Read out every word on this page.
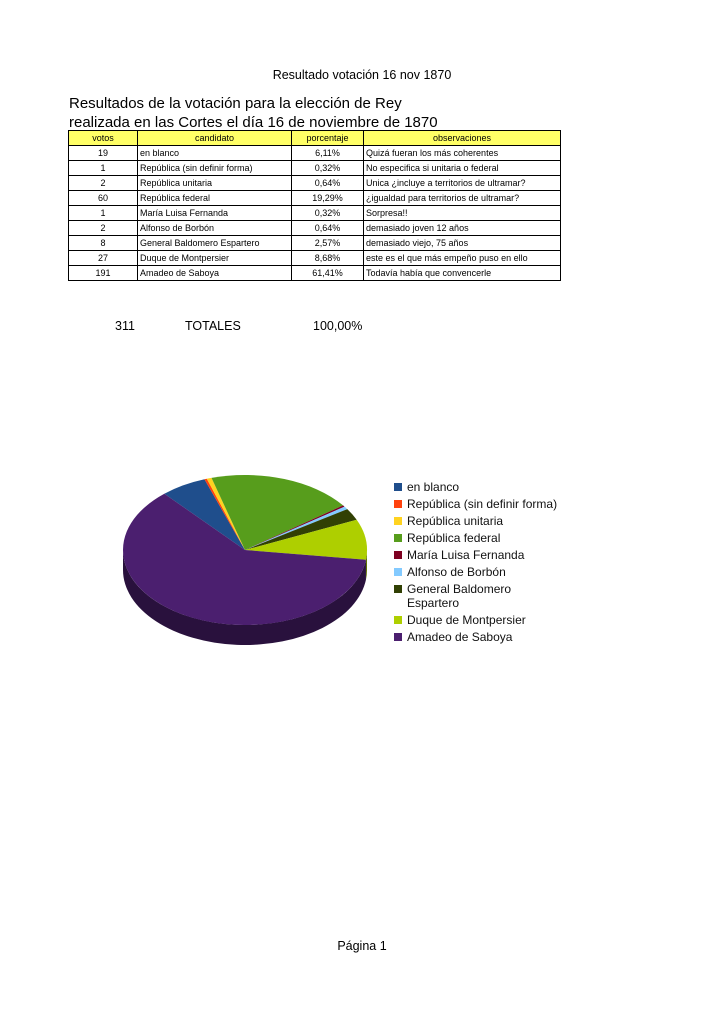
Resultado votación 16 nov 1870
Resultados de la votación para la elección de Rey
realizada en las Cortes el día 16 de noviembre de 1870
votos	candidato	porcentaje	observaciones
19	en blanco	6,11%	Quizá fueran los más coherentes
1	República (sin definir forma)	0,32%	No especifica si unitaria o federal
2	República unitaria	0,64%	Unica ¿incluye a territorios de ultramar?
60	República federal	19,29%	¿igualdad para territorios de ultramar?
1	María Luisa Fernanda	0,32%	Sorpresa!!
2	Alfonso de Borbón	0,64%	demasiado joven 12 años
8	General Baldomero Espartero	2,57%	demasiado viejo, 75 años
27	Duque de Montpersier	8,68%	este es el que más empeño puso en ello
191	Amadeo de Saboya	61,41%	Todavía había que convencerle
311	TOTALES	100,00%
en blanco
República (sin definir forma)
República unitaria
República federal
María Luisa Fernanda
Alfonso de Borbón
General Baldomero Espartero
Duque de Montpersier
Amadeo de Saboya
Página 1
